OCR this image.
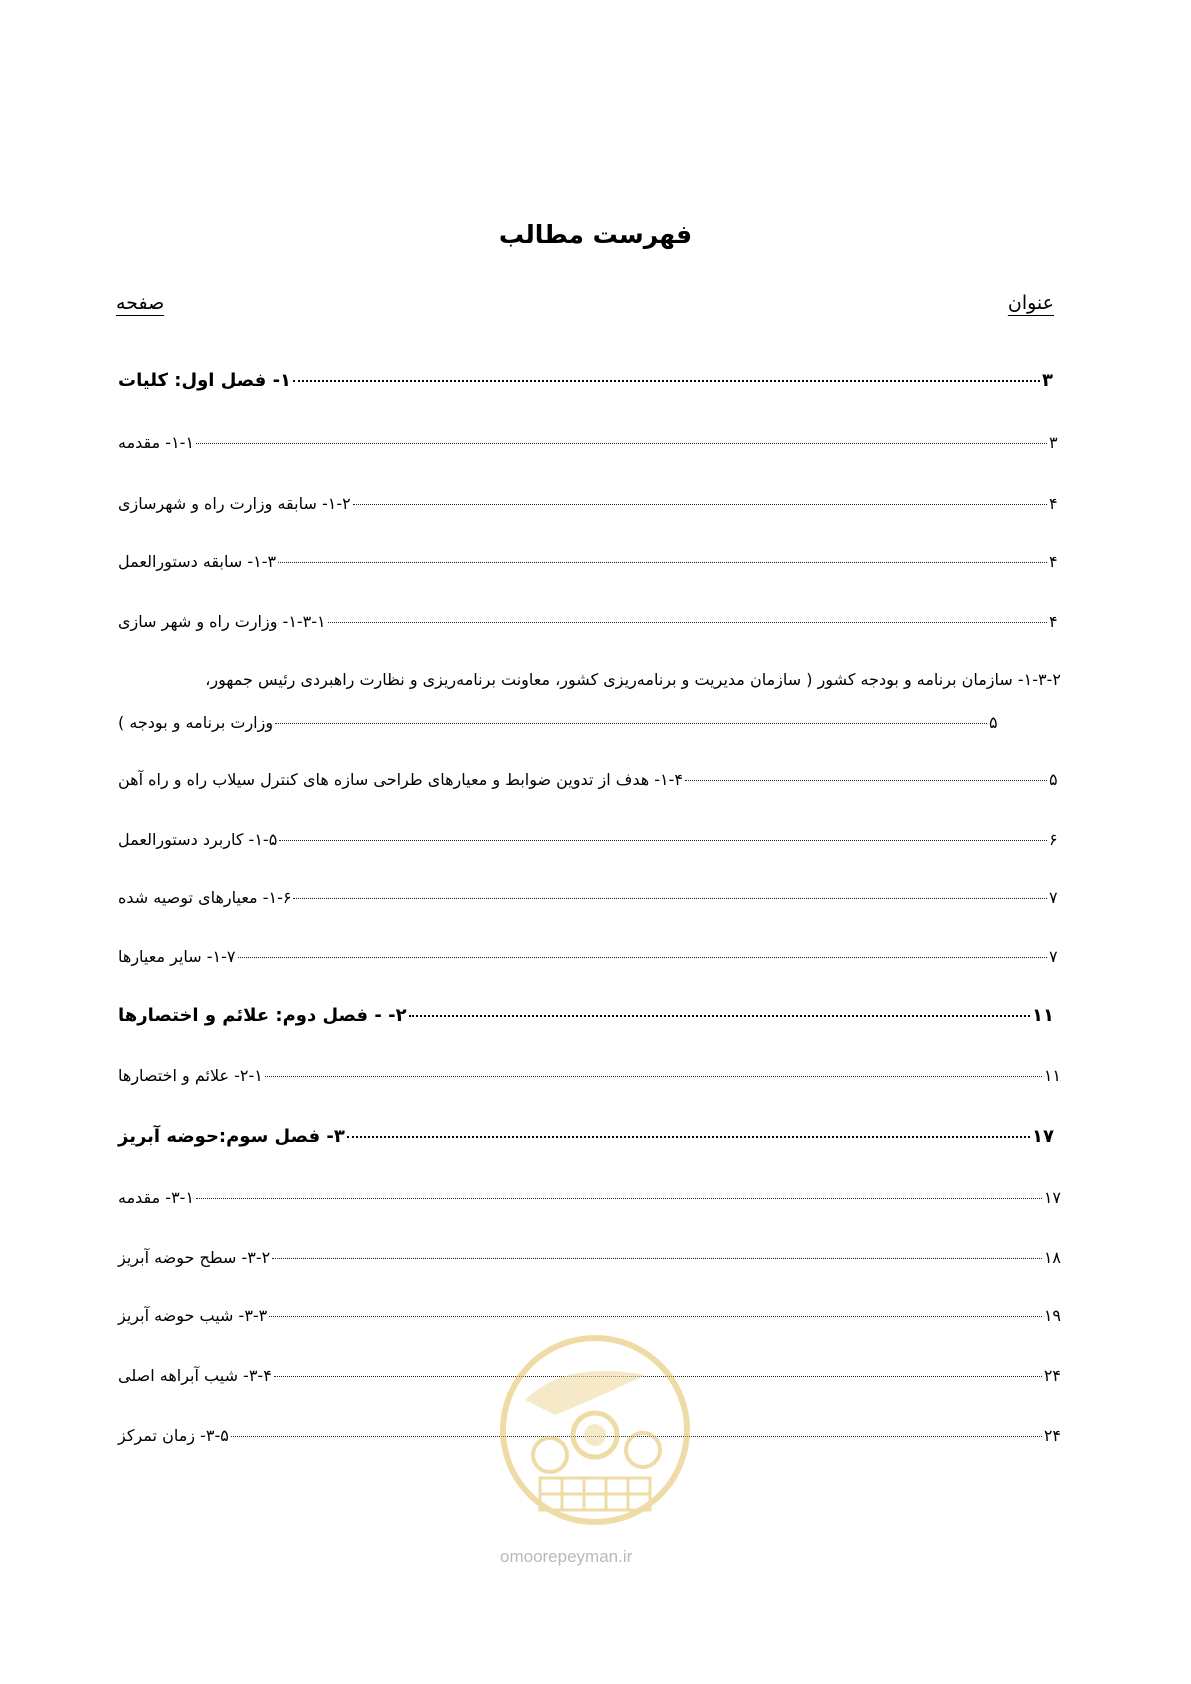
فهرست مطالب
عنوان
صفحه
۱- فصل اول: کلیات	۳
۱-۱- مقدمه	۳
۱-۲- سابقه وزارت راه و شهرسازی	۴
۱-۳- سابقه دستورالعمل	۴
۱-۳-۱- وزارت راه و شهر سازی	۴
۱-۳-۲- سازمان برنامه و بودجه کشور ( سازمان مدیریت و برنامه‌ریزی کشور، معاونت برنامه‌ریزی و نظارت راهبردی رئیس جمهور،
وزارت برنامه و بودجه )	۵
۱-۴- هدف از تدوین ضوابط و معیارهای طراحی سازه های کنترل سیلاب راه و راه آهن	۵
۱-۵- کاربرد دستورالعمل	۶
۱-۶- معیارهای توصیه شده	۷
۱-۷- سایر معیارها	۷
۲- - فصل دوم: علائم و اختصارها	۱۱
۲-۱- علائم و اختصارها	۱۱
۳- فصل سوم:حوضه آبریز	۱۷
۳-۱- مقدمه	۱۷
۳-۲- سطح حوضه آبریز	۱۸
۳-۳- شیب حوضه آبریز	۱۹
۳-۴- شیب آبراهه اصلی	۲۴
۳-۵- زمان تمرکز	۲۴
omoorepeyman.ir
